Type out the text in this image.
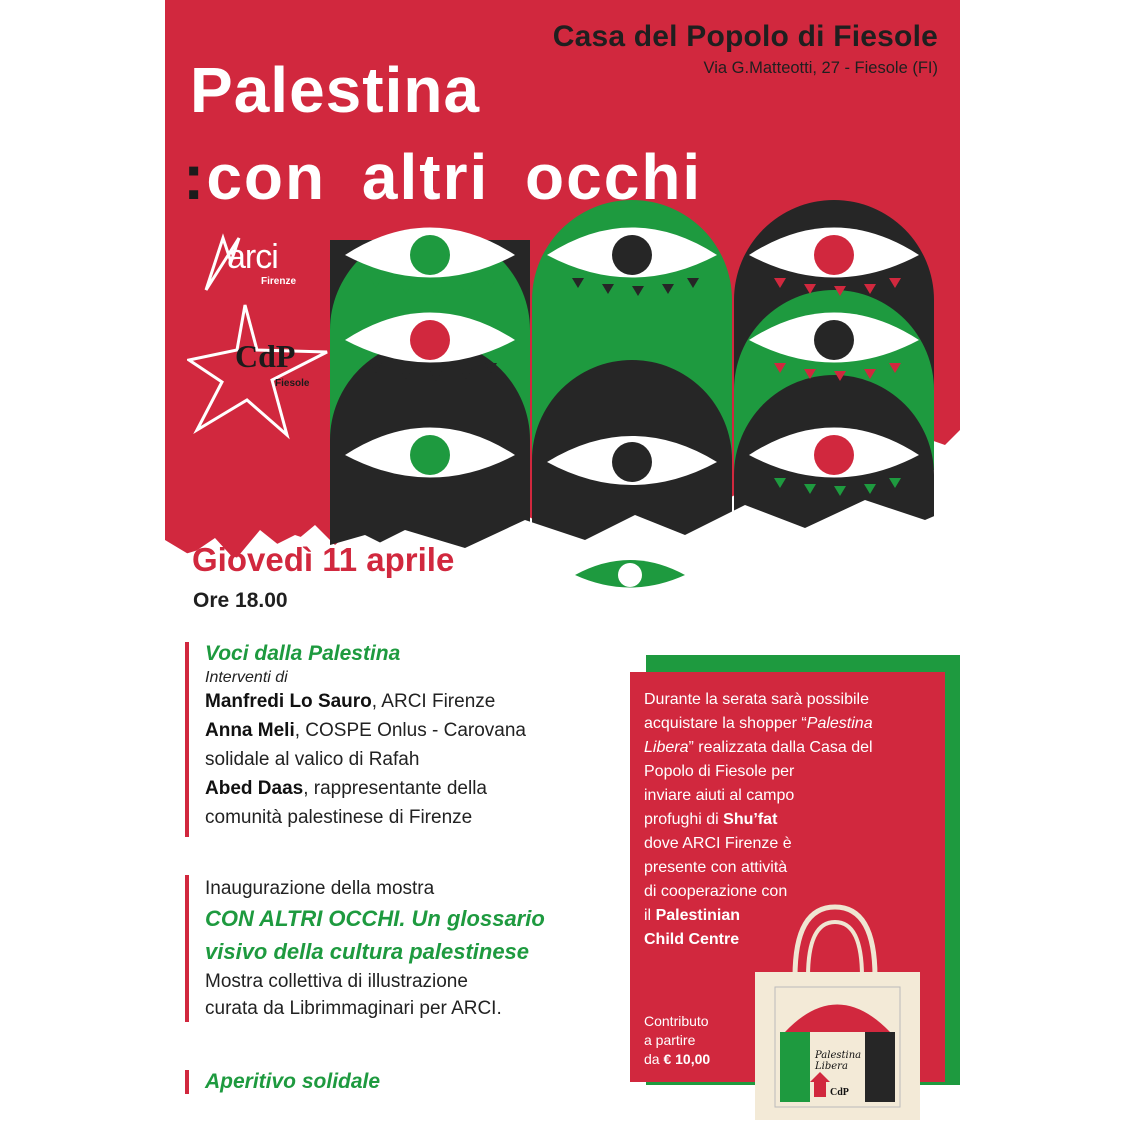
Casa del Popolo di Fiesole
Via G.Matteotti, 27 - Fiesole (FI)
Palestina
:con altri occhi
arci
Firenze
CdP
Fiesole
Giovedì 11 aprile
Ore 18.00
Voci dalla Palestina
Interventi di
Manfredi Lo Sauro, ARCI Firenze
Anna Meli, COSPE Onlus - Carovana
solidale al valico di Rafah
Abed Daas, rappresentante della
comunità palestinese di Firenze
Inaugurazione della mostra
CON ALTRI OCCHI. Un glossario
visivo della cultura palestinese
Mostra collettiva di illustrazione
curata da Librimmaginari per ARCI.
Aperitivo solidale
Durante la serata sarà possibile
acquistare la shopper “Palestina
Libera” realizzata dalla Casa del
Popolo di Fiesole per
inviare aiuti al campo
profughi di Shu’fat
dove ARCI Firenze è
presente con attività
di cooperazione con
il Palestinian
Child Centre
Contributo
a partire
da € 10,00	Palestina Libera
CdP
